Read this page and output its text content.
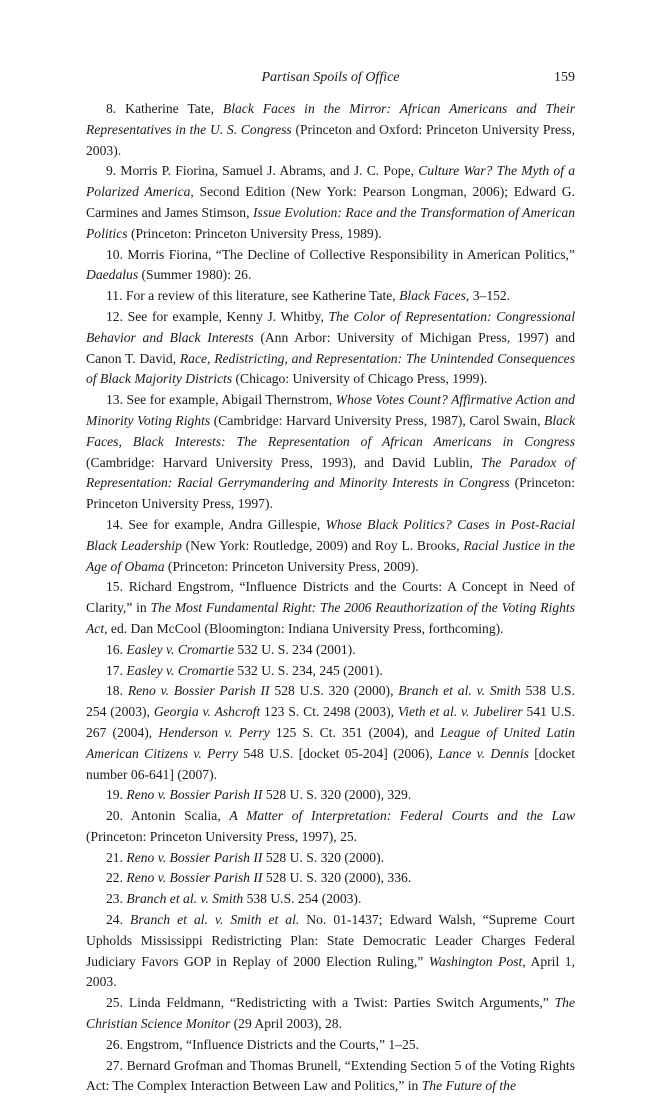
Partisan Spoils of Office	159

8. Katherine Tate, Black Faces in the Mirror: African Americans and Their Representatives in the U. S. Congress (Princeton and Oxford: Princeton University Press, 2003).

9. Morris P. Fiorina, Samuel J. Abrams, and J. C. Pope, Culture War? The Myth of a Polarized America, Second Edition (New York: Pearson Longman, 2006); Edward G. Carmines and James Stimson, Issue Evolution: Race and the Transformation of American Politics (Princeton: Princeton University Press, 1989).

10. Morris Fiorina, “The Decline of Collective Responsibility in American Politics,” Daedalus (Summer 1980): 26.

11. For a review of this literature, see Katherine Tate, Black Faces, 3–152.

12. See for example, Kenny J. Whitby, The Color of Representation: Congressional Behavior and Black Interests (Ann Arbor: University of Michigan Press, 1997) and Canon T. David, Race, Redistricting, and Representation: The Unintended Consequences of Black Majority Districts (Chicago: University of Chicago Press, 1999).

13. See for example, Abigail Thernstrom, Whose Votes Count? Affirmative Action and Minority Voting Rights (Cambridge: Harvard University Press, 1987), Carol Swain, Black Faces, Black Interests: The Representation of African Americans in Congress (Cambridge: Harvard University Press, 1993), and David Lublin, The Paradox of Representation: Racial Gerrymandering and Minority Interests in Congress (Princeton: Princeton University Press, 1997).

14. See for example, Andra Gillespie, Whose Black Politics? Cases in Post-Racial Black Leadership (New York: Routledge, 2009) and Roy L. Brooks, Racial Justice in the Age of Obama (Princeton: Princeton University Press, 2009).

15. Richard Engstrom, “Influence Districts and the Courts: A Concept in Need of Clarity,” in The Most Fundamental Right: The 2006 Reauthorization of the Voting Rights Act, ed. Dan McCool (Bloomington: Indiana University Press, forthcoming).

16. Easley v. Cromartie 532 U. S. 234 (2001).

17. Easley v. Cromartie 532 U. S. 234, 245 (2001).

18. Reno v. Bossier Parish II 528 U.S. 320 (2000), Branch et al. v. Smith 538 U.S. 254 (2003), Georgia v. Ashcroft 123 S. Ct. 2498 (2003), Vieth et al. v. Jubelirer 541 U.S. 267 (2004), Henderson v. Perry 125 S. Ct. 351 (2004), and League of United Latin American Citizens v. Perry 548 U.S. [docket 05-204] (2006), Lance v. Dennis [docket number 06-641] (2007).

19. Reno v. Bossier Parish II 528 U. S. 320 (2000), 329.

20. Antonin Scalia, A Matter of Interpretation: Federal Courts and the Law (Princeton: Princeton University Press, 1997), 25.

21. Reno v. Bossier Parish II 528 U. S. 320 (2000).

22. Reno v. Bossier Parish II 528 U. S. 320 (2000), 336.

23. Branch et al. v. Smith 538 U.S. 254 (2003).

24. Branch et al. v. Smith et al. No. 01-1437; Edward Walsh, “Supreme Court Upholds Mississippi Redistricting Plan: State Democratic Leader Charges Federal Judiciary Favors GOP in Replay of 2000 Election Ruling,” Washington Post, April 1, 2003.

25. Linda Feldmann, “Redistricting with a Twist: Parties Switch Arguments,” The Christian Science Monitor (29 April 2003), 28.

26. Engstrom, “Influence Districts and the Courts,” 1–25.

27. Bernard Grofman and Thomas Brunell, “Extending Section 5 of the Voting Rights Act: The Complex Interaction Between Law and Politics,” in The Future of the
